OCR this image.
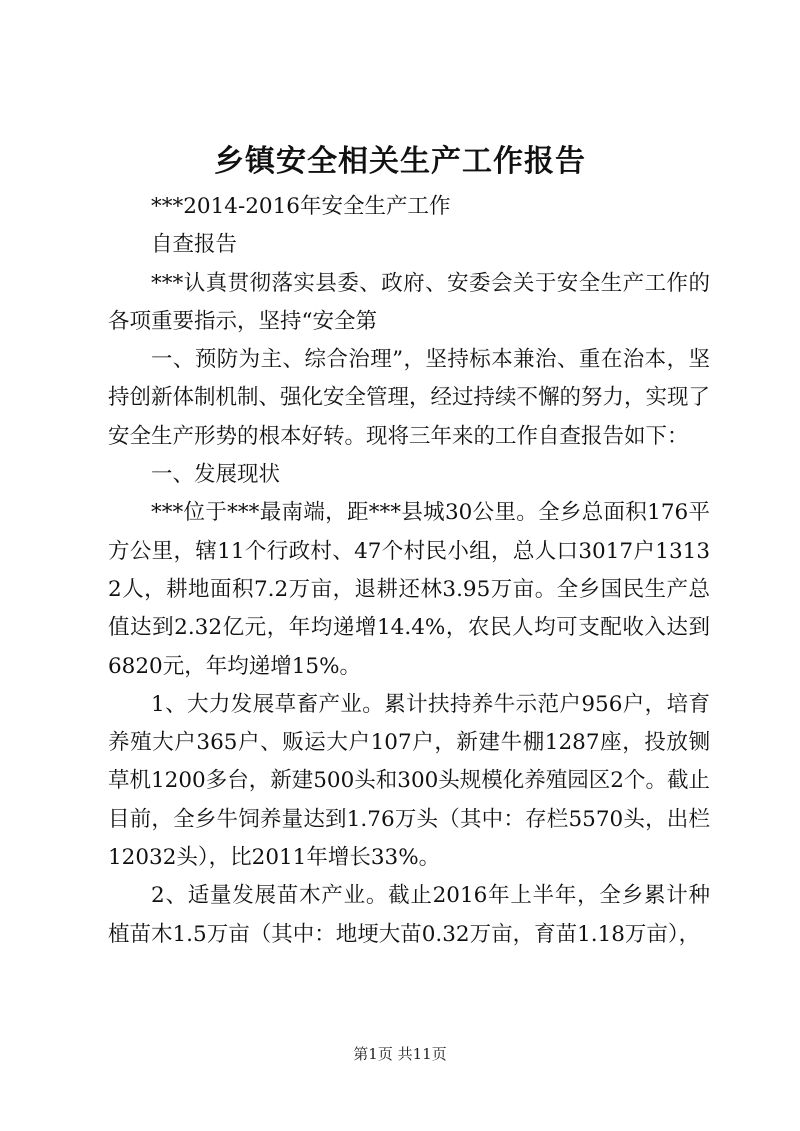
乡镇安全相关生产工作报告

***2014-2016年安全生产工作

自查报告

***认真贯彻落实县委、政府、安委会关于安全生产工作的各项重要指示，坚持“安全第

一、预防为主、综合治理”，坚持标本兼治、重在治本，坚持创新体制机制、强化安全管理，经过持续不懈的努力，实现了安全生产形势的根本好转。现将三年来的工作自查报告如下：

一、发展现状

***位于***最南端，距***县城30公里。全乡总面积176平方公里，辖11个行政村、47个村民小组，总人口3017户13132人，耕地面积7.2万亩，退耕还林3.95万亩。全乡国民生产总值达到2.32亿元，年均递增14.4%，农民人均可支配收入达到6820元，年均递增15%。

1、大力发展草畜产业。累计扶持养牛示范户956户，培育养殖大户365户、贩运大户107户，新建牛棚1287座，投放铡草机1200多台，新建500头和300头规模化养殖园区2个。截止目前，全乡牛饲养量达到1.76万头（其中：存栏5570头，出栏12032头），比2011年增长33%。

2、适量发展苗木产业。截止2016年上半年，全乡累计种植苗木1.5万亩（其中：地埂大苗0.32万亩，育苗1.18万亩），

第1页 共11页
